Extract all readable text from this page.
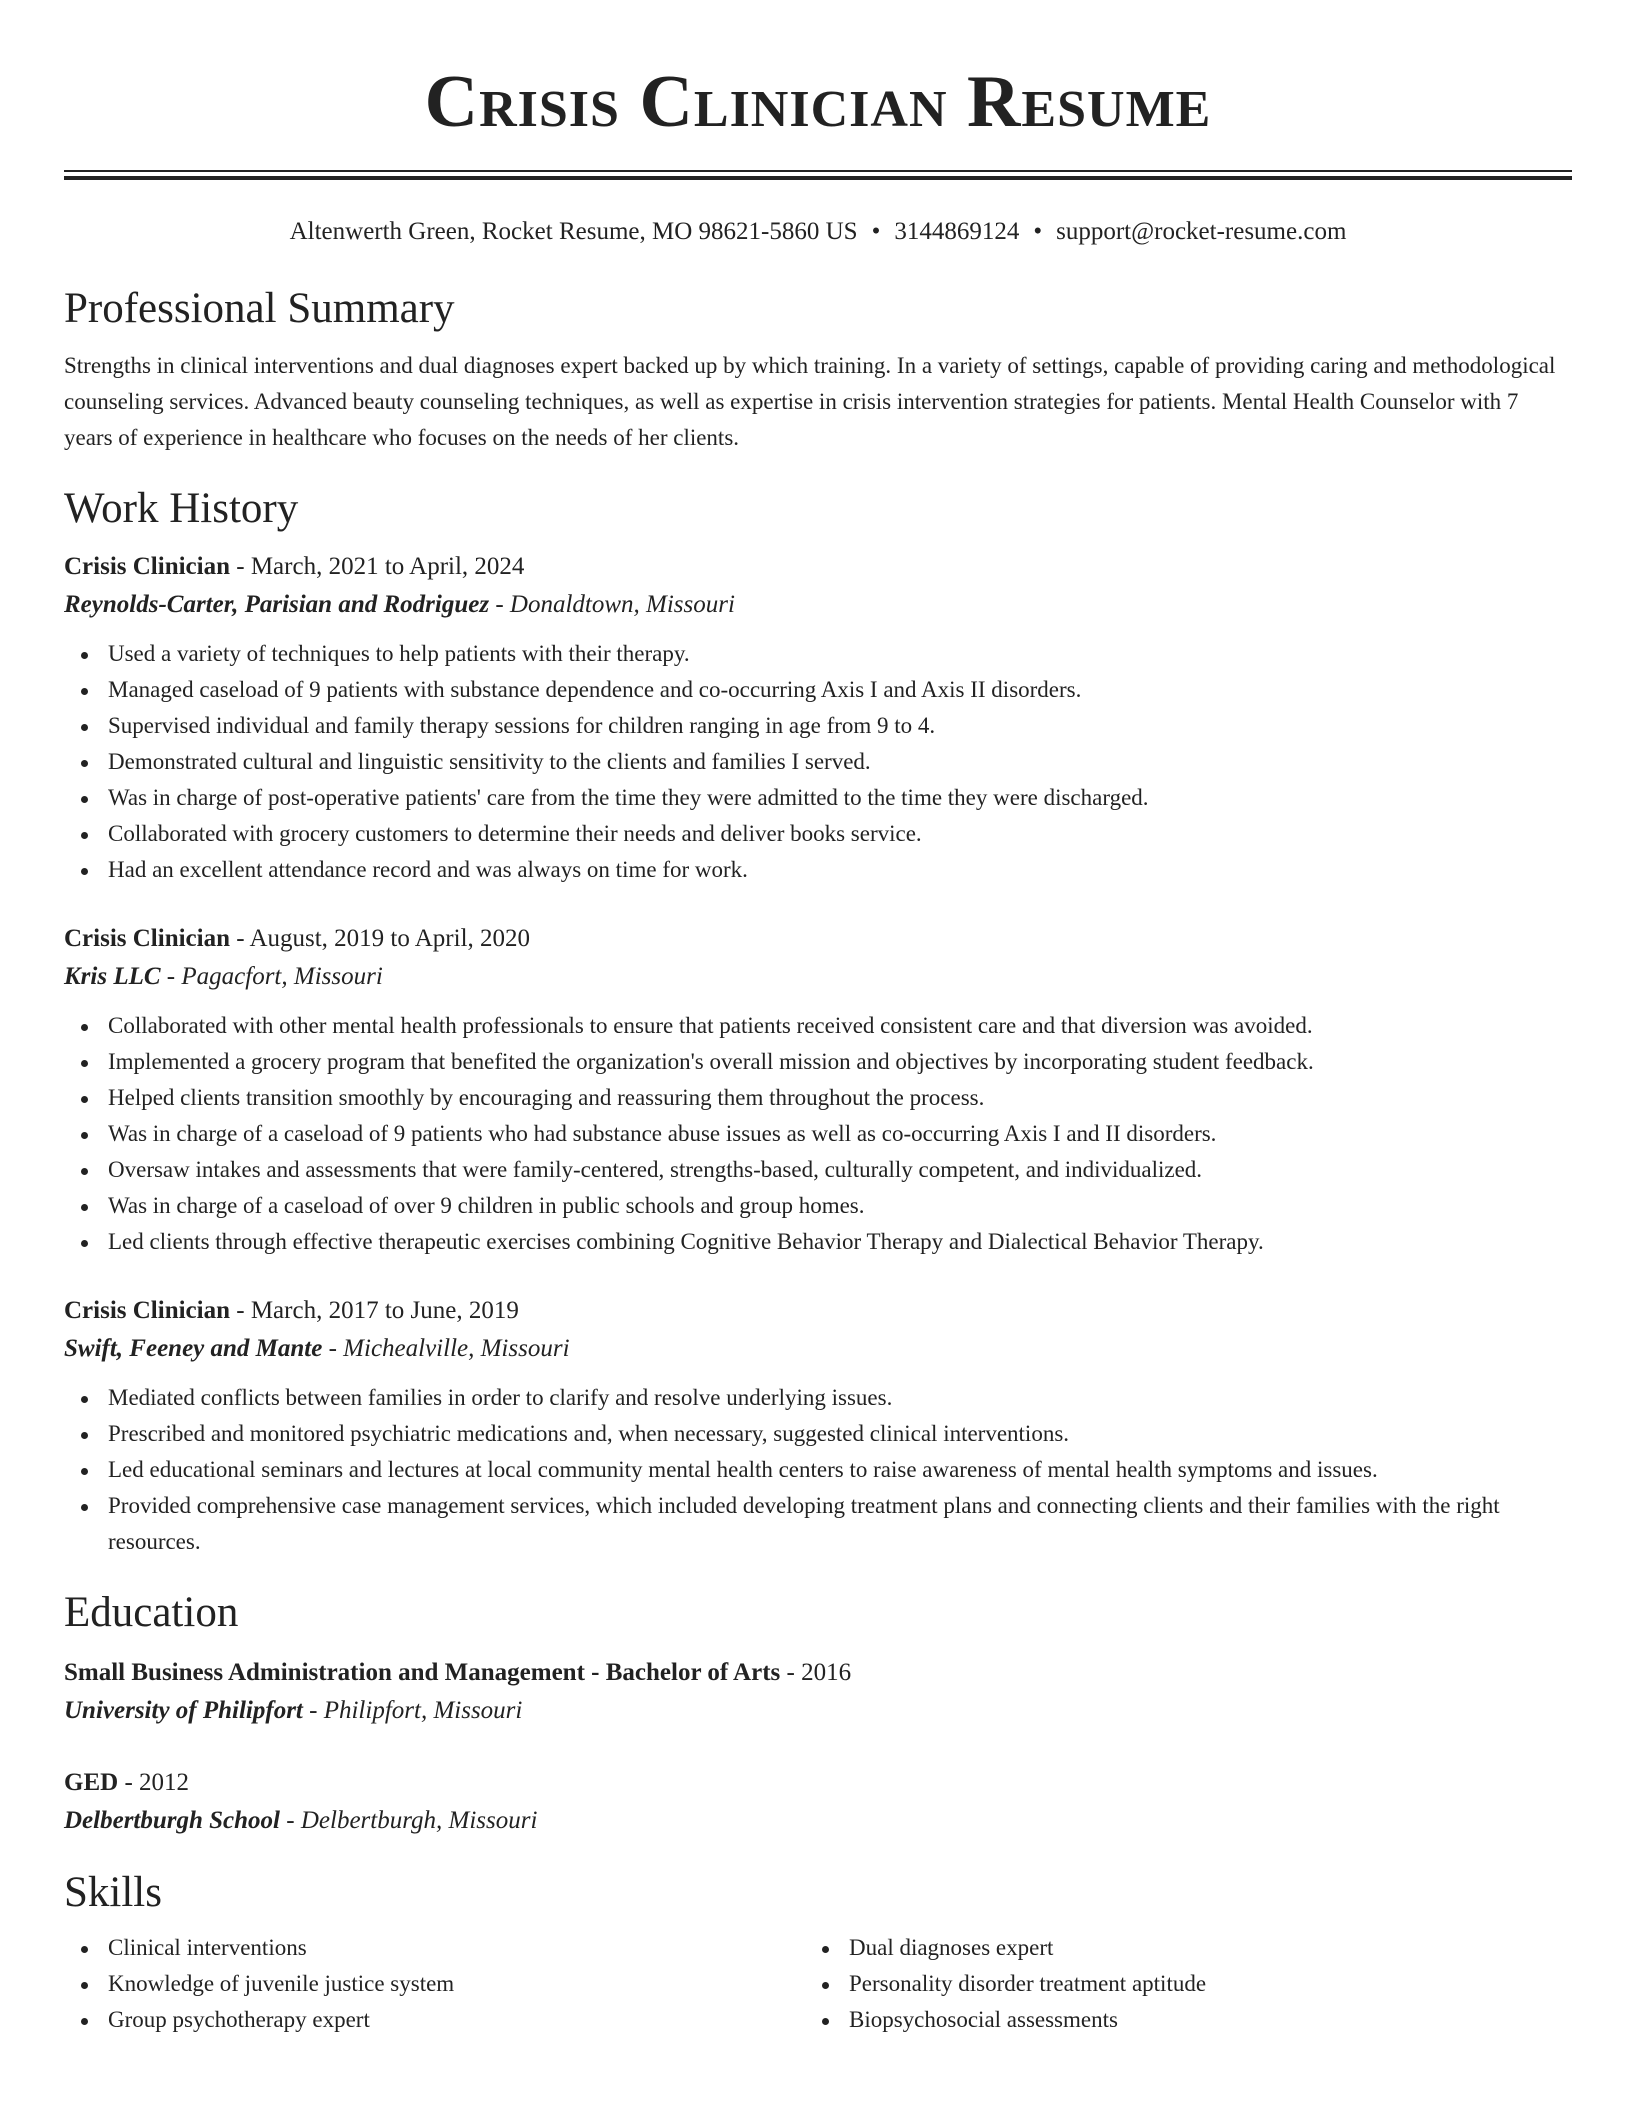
Crisis Clinician Resume
Altenwerth Green, Rocket Resume, MO 98621-5860 US • 3144869124 • support@rocket-resume.com
Professional Summary
Strengths in clinical interventions and dual diagnoses expert backed up by which training. In a variety of settings, capable of providing caring and methodological counseling services. Advanced beauty counseling techniques, as well as expertise in crisis intervention strategies for patients. Mental Health Counselor with 7 years of experience in healthcare who focuses on the needs of her clients.
Work History
Crisis Clinician - March, 2021 to April, 2024
Reynolds-Carter, Parisian and Rodriguez - Donaldtown, Missouri
Used a variety of techniques to help patients with their therapy.
Managed caseload of 9 patients with substance dependence and co-occurring Axis I and Axis II disorders.
Supervised individual and family therapy sessions for children ranging in age from 9 to 4.
Demonstrated cultural and linguistic sensitivity to the clients and families I served.
Was in charge of post-operative patients' care from the time they were admitted to the time they were discharged.
Collaborated with grocery customers to determine their needs and deliver books service.
Had an excellent attendance record and was always on time for work.
Crisis Clinician - August, 2019 to April, 2020
Kris LLC - Pagacfort, Missouri
Collaborated with other mental health professionals to ensure that patients received consistent care and that diversion was avoided.
Implemented a grocery program that benefited the organization's overall mission and objectives by incorporating student feedback.
Helped clients transition smoothly by encouraging and reassuring them throughout the process.
Was in charge of a caseload of 9 patients who had substance abuse issues as well as co-occurring Axis I and II disorders.
Oversaw intakes and assessments that were family-centered, strengths-based, culturally competent, and individualized.
Was in charge of a caseload of over 9 children in public schools and group homes.
Led clients through effective therapeutic exercises combining Cognitive Behavior Therapy and Dialectical Behavior Therapy.
Crisis Clinician - March, 2017 to June, 2019
Swift, Feeney and Mante - Michealville, Missouri
Mediated conflicts between families in order to clarify and resolve underlying issues.
Prescribed and monitored psychiatric medications and, when necessary, suggested clinical interventions.
Led educational seminars and lectures at local community mental health centers to raise awareness of mental health symptoms and issues.
Provided comprehensive case management services, which included developing treatment plans and connecting clients and their families with the right resources.
Education
Small Business Administration and Management - Bachelor of Arts - 2016
University of Philipfort - Philipfort, Missouri
GED - 2012
Delbertburgh School - Delbertburgh, Missouri
Skills
Clinical interventions
Knowledge of juvenile justice system
Group psychotherapy expert
Dual diagnoses expert
Personality disorder treatment aptitude
Biopsychosocial assessments
